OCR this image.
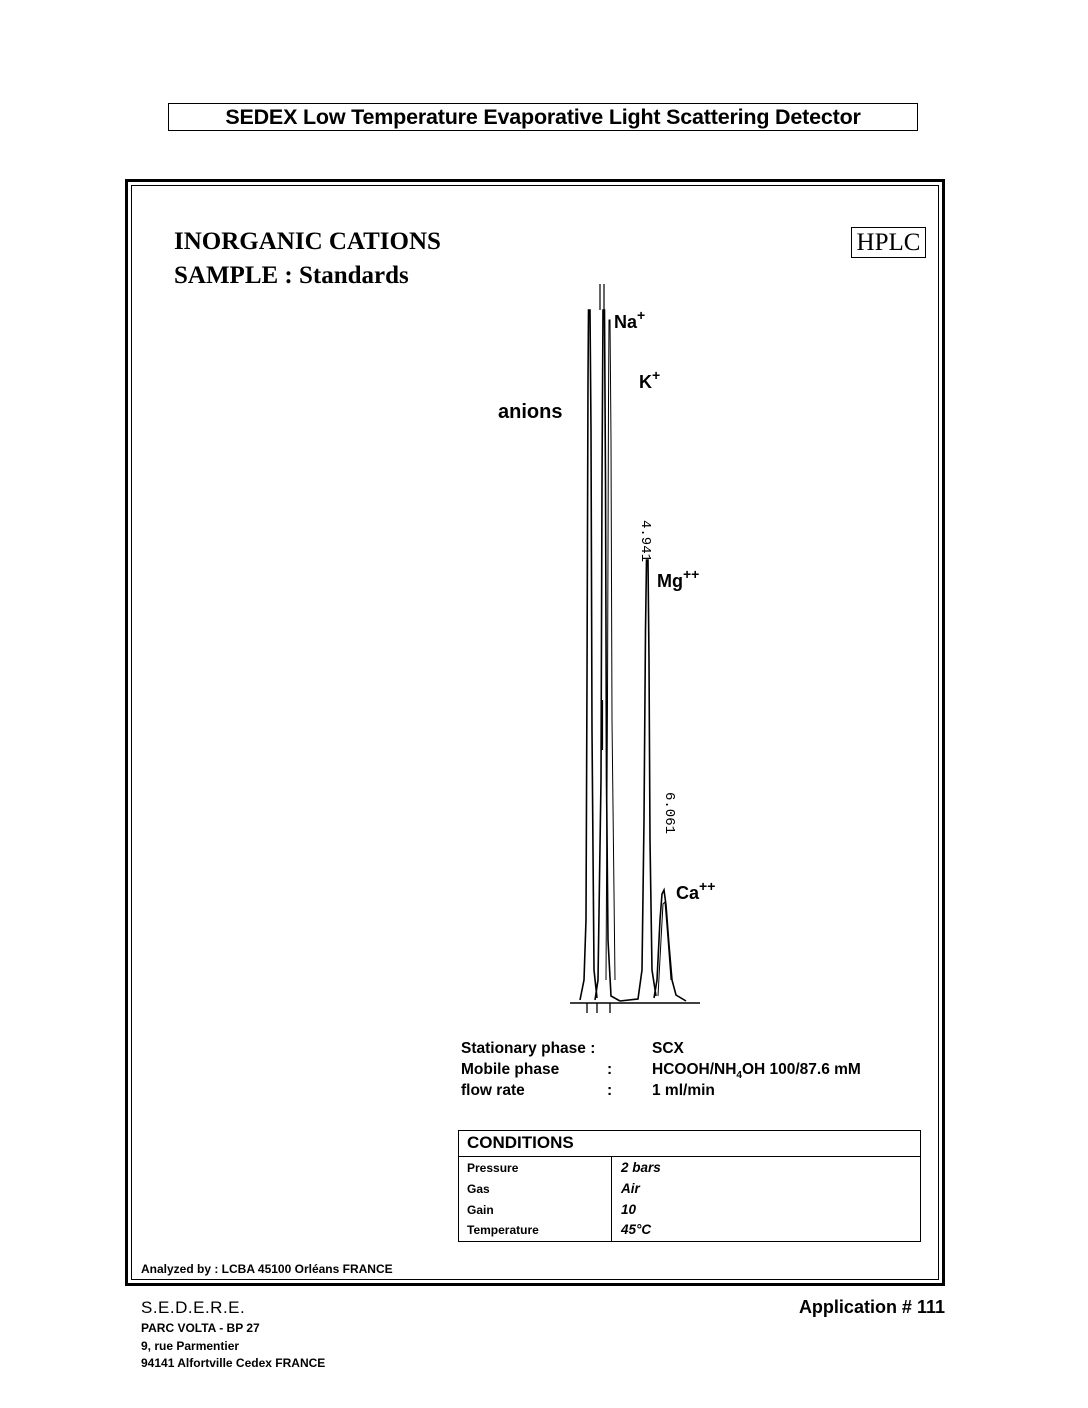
SEDEX Low Temperature Evaporative Light Scattering Detector
INORGANIC CATIONS
SAMPLE : Standards
HPLC
anions
Na+
K+
Mg++
Ca++
4.941
6.061
Stationary phase :	SCX
Mobile phase	:	HCOOH/$NH_4OH$ 100/87.6 mM
flow rate	:	1 ml/min
CONDITIONS
Pressure	2 bars
Gas	Air
Gain	10
Temperature	45°C
Analyzed by : LCBA 45100 Orléans FRANCE
S.E.D.E.R.E.
PARC VOLTA - BP 27
9, rue Parmentier
94141 Alfortville Cedex FRANCE
Application # 111
